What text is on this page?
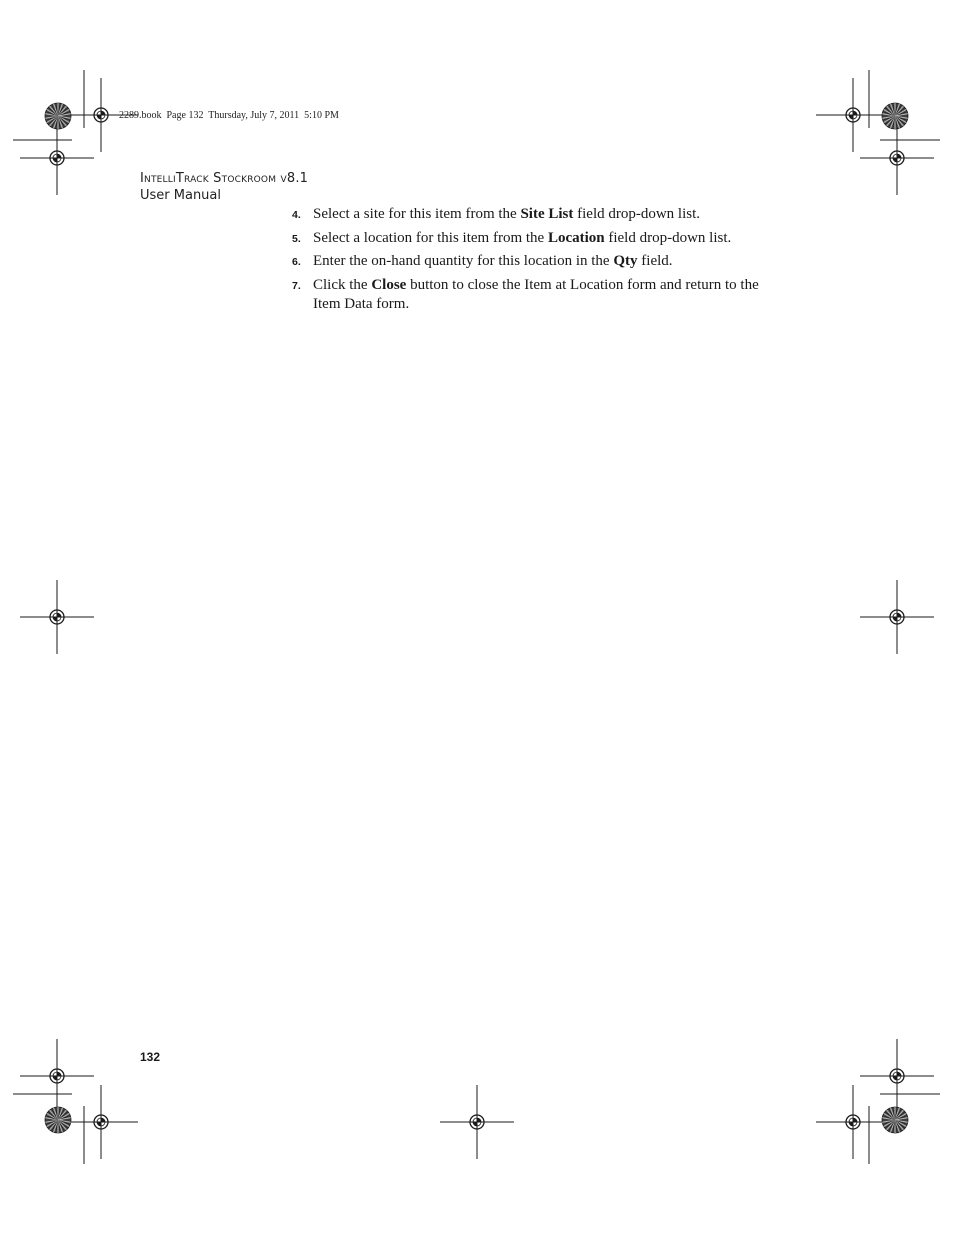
2289.book  Page 132  Thursday, July 7, 2011  5:10 PM
IntelliTrack Stockroom v8.1
User Manual
4. Select a site for this item from the Site List field drop-down list.
5. Select a location for this item from the Location field drop-down list.
6. Enter the on-hand quantity for this location in the Qty field.
7. Click the Close button to close the Item at Location form and return to the Item Data form.
132
